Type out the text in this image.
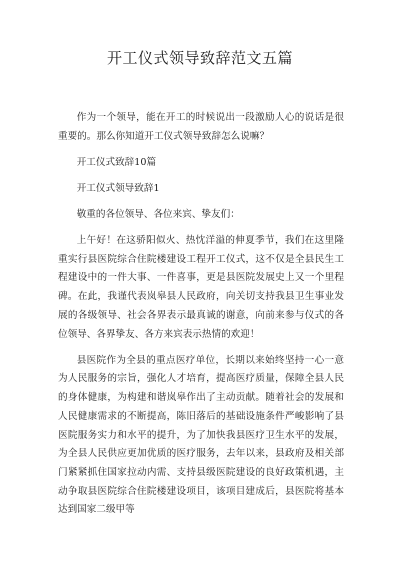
开工仪式领导致辞范文五篇

作为一个领导，能在开工的时候说出一段激励人心的说话是很重要的。那么你知道开工仪式领导致辞怎么说嘛？

开工仪式致辞10篇

开工仪式领导致辞1

敬重的各位领导、各位来宾、挚友们：

上午好！在这骄阳似火、热忱洋溢的伸夏季节，我们在这里隆重实行县医院综合住院楼建设工程开工仪式，这不仅是全县民生工程建设中的一件大事、一件喜事，更是县医院发展史上又一个里程碑。在此，我谨代表岚皋县人民政府，向关切支持我县卫生事业发展的各级领导、社会各界表示最真诚的谢意，向前来参与仪式的各位领导、各界挚友、各方来宾表示热情的欢迎！

县医院作为全县的重点医疗单位，长期以来始终坚持一心一意为人民服务的宗旨，强化人才培育，提高医疗质量，保障全县人民的身体健康，为构建和谐岚皋作出了主动贡献。随着社会的发展和人民健康需求的不断提高，陈旧落后的基础设施条件严峻影响了县医院服务实力和水平的提升，为了加快我县医疗卫生水平的发展，为全县人民供应更加优质的医疗服务，去年以来，县政府及相关部门紧紧抓住国家拉动内需、支持县级医院建设的良好政策机遇，主动争取县医院综合住院楼建设项目，该项目建成后，县医院将基本达到国家二级甲等
